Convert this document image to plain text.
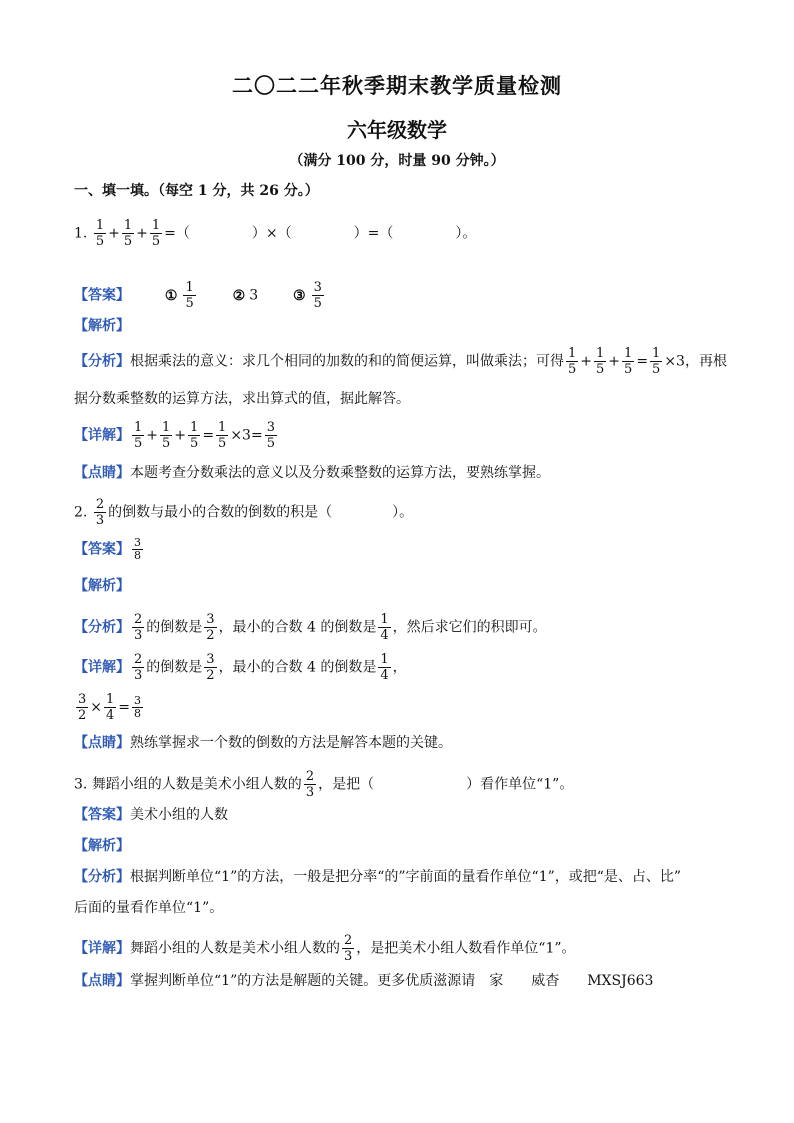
二〇二二年秋季期末教学质量检测
六年级数学
（满分 100 分，时量 90 分钟。）
一、填一填。（每空 1 分，共 26 分。）
1. $\frac{1}{5} + \frac{1}{5} + \frac{1}{5}$ =（	）×（	）=（	）。
【答案】 ① $\frac{1}{5}$	② 3 ③ $\frac{3}{5}$
【解析】
【分析】根据乘法的意义：求几个相同的加数的和的简便运算，叫做乘法；可得 $\frac{1}{5} + \frac{1}{5} + \frac{1}{5} = \frac{1}{5} \times 3$，再根
据分数乘整数的运算方法，求出算式的值，据此解答。
【详解】 $\frac{1}{5} + \frac{1}{5} + \frac{1}{5} = \frac{1}{5} \times 3= \frac{3}{5}$
【点睛】本题考查分数乘法的意义以及分数乘整数的运算方法，要熟练掌握。
2. $\frac{2}{3}$ 的倒数与最小的合数的倒数的积是（	）。
【答案】 $\frac{3}{8}$
【解析】
【分析】 $\frac{2}{3}$ 的倒数是 $\frac{3}{2}$ ，最小的合数 4 的倒数是 $\frac{1}{4}$ ，然后求它们的积即可。
【详解】 $\frac{2}{3}$ 的倒数是 $\frac{3}{2}$ ，最小的合数 4 的倒数是 $\frac{1}{4}$ ，
$\frac{3}{2} \times \frac{1}{4} = \frac{3}{8}$
【点睛】熟练掌握求一个数的倒数的方法是解答本题的关键。
3. 舞蹈小组的人数是美术小组人数的 $\frac{2}{3}$ ，是把（	）看作单位“1”。
【答案】美术小组的人数
【解析】
【分析】根据判断单位“1”的方法，一般是把分率“的”字前面的量看作单位“1”，或把“是、占、比”
后面的量看作单位“1”。
【详解】舞蹈小组的人数是美术小组人数的 $\frac{2}{3}$ ，是把美术小组人数看作单位“1”。
【点睛】掌握判断单位“1”的方法是解题的关键。更多优质滋源请　家　　威杳　　MXSJ663
